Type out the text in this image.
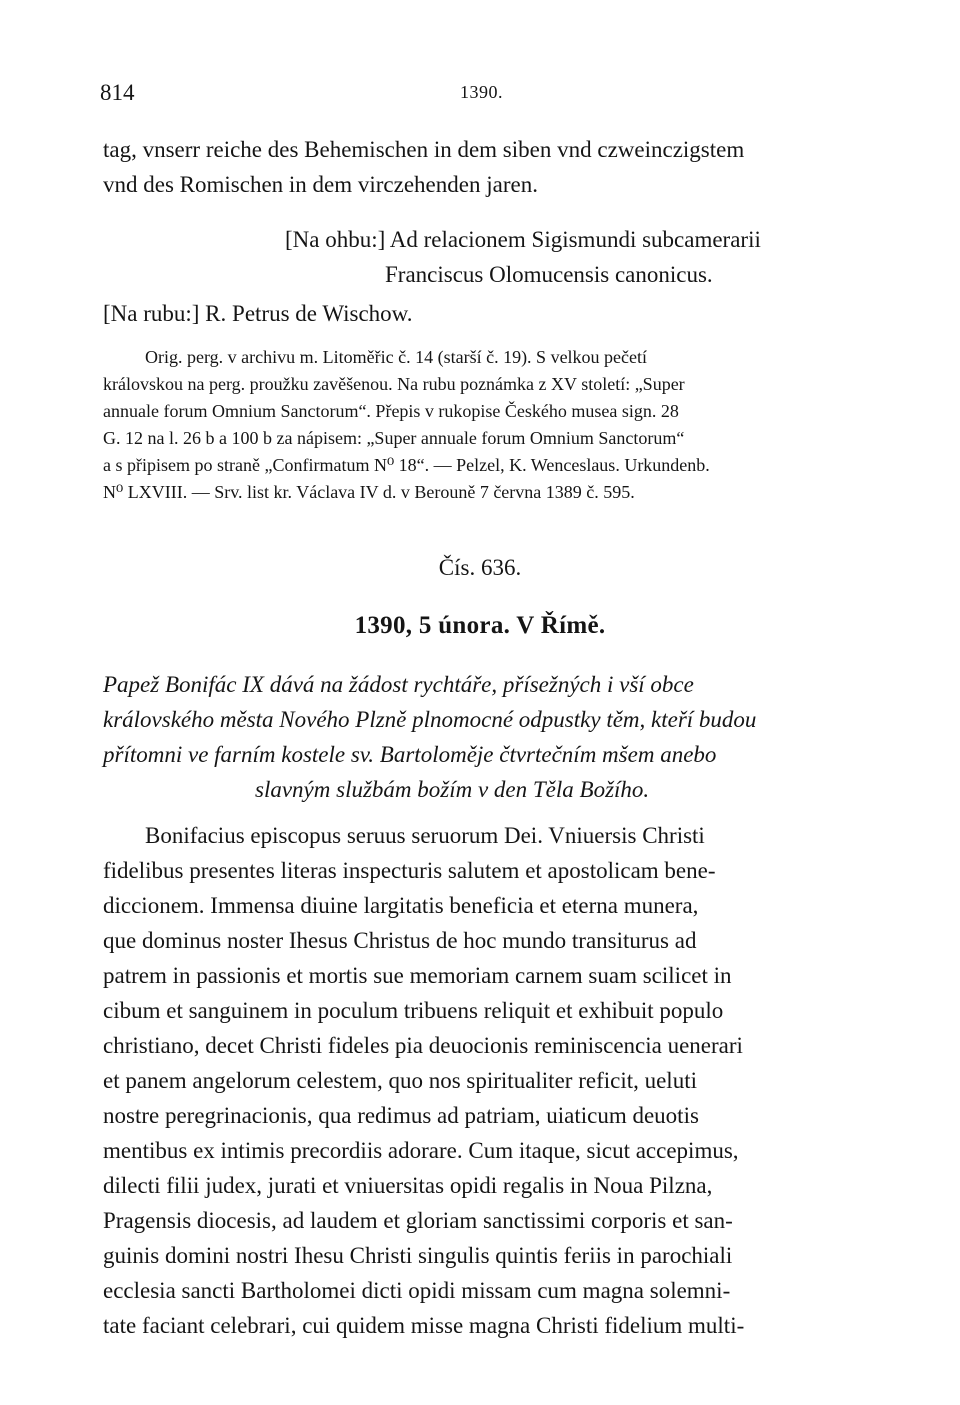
814	1390.
tag, vnserr reiche des Behemischen in dem siben vnd czweinczigstem
vnd des Romischen in dem virczehenden jaren.
[Na ohbu:] Ad relacionem Sigismundi subcamerarii
Franciscus Olomucensis canonicus.
[Na rubu:] R. Petrus de Wischow.
Orig. perg. v archivu m. Litoměřic č. 14 (starší č. 19). S velkou pečetí
královskou na perg. proužku zavěšenou. Na rubu poznámka z XV století: „Super
annuale forum Omnium Sanctorum“. Přepis v rukopise Českého musea sign. 28
G. 12 na l. 26 b a 100 b za nápisem: „Super annuale forum Omnium Sanctorum“
a s připisem po straně „Confirmatum N⁰ 18“. — Pelzel, K. Wenceslaus. Urkundenb.
N⁰ LXVIII. — Srv. list kr. Václava IV d. v Berouně 7 června 1389 č. 595.
Čís. 636.
1390, 5 února. V Římě.
Papež Bonifác IX dává na žádost rychtáře, přísežných i vší obce
královského města Nového Plzně plnomocné odpustky těm, kteří budou
přítomni ve farním kostele sv. Bartoloměje čtvrtečním mšem anebo
slavným službám božím v den Těla Božího.
Bonifacius episcopus seruus seruorum Dei. Vniuersis Christi
fidelibus presentes literas inspecturis salutem et apostolicam bene-
diccionem. Immensa diuine largitatis beneficia et eterna munera,
que dominus noster Ihesus Christus de hoc mundo transiturus ad
patrem in passionis et mortis sue memoriam carnem suam scilicet in
cibum et sanguinem in poculum tribuens reliquit et exhibuit populo
christiano, decet Christi fideles pia deuocionis reminiscencia uenerari
et panem angelorum celestem, quo nos spiritualiter reficit, ueluti
nostre peregrinacionis, qua redimus ad patriam, uiaticum deuotis
mentibus ex intimis precordiis adorare. Cum itaque, sicut accepimus,
dilecti filii judex, jurati et vniuersitas opidi regalis in Noua Pilzna,
Pragensis diocesis, ad laudem et gloriam sanctissimi corporis et san-
guinis domini nostri Ihesu Christi singulis quintis feriis in parochiali
ecclesia sancti Bartholomei dicti opidi missam cum magna solemni-
tate faciant celebrari, cui quidem misse magna Christi fidelium multi-
